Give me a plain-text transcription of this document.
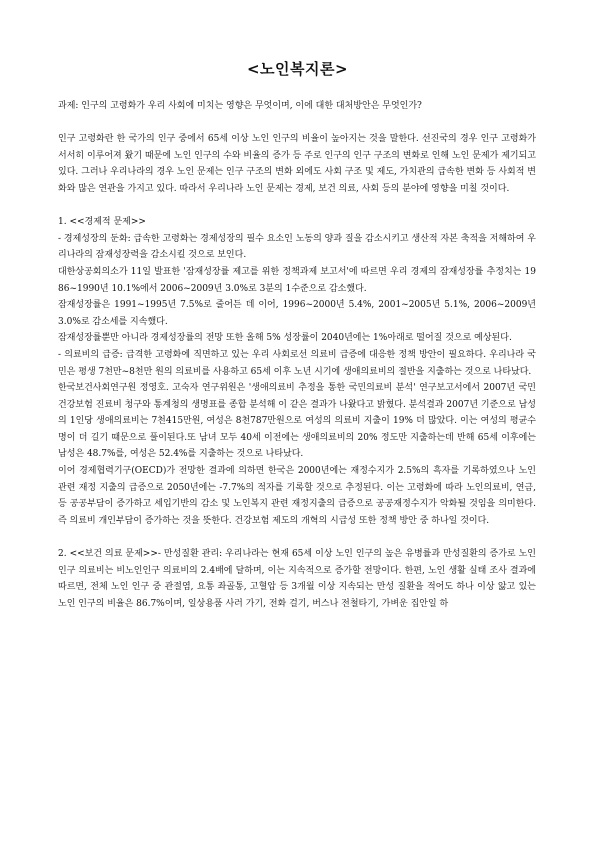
<노인복지론>

과제: 인구의 고령화가 우리 사회에 미치는 영향은 무엇이며, 이에 대한 대처방안은 무엇인가?

인구 고령화란 한 국가의 인구 중에서 65세 이상 노인 인구의 비율이 높아지는 것을 말한다. 선진국의 경우 인구 고령화가 서서히 이루어져 왔기 때문에 노인 인구의 수와 비율의 증가 등 주로 인구의 인구 구조의 변화로 인해 노인 문제가 제기되고 있다. 그러나 우리나라의 경우 노인 문제는 인구 구조의 변화 외에도 사회 구조 및 제도, 가치관의 급속한 변화 등 사회적 변화와 많은 연관을 가지고 있다. 따라서 우리나라 노인 문제는 경제, 보건 의료, 사회 등의 분야에 영향을 미칠 것이다.

1. <<경제적 문제>>

- 경제성장의 둔화: 급속한 고령화는 경제성장의 필수 요소인 노동의 양과 질을 감소시키고 생산적 자본 축적을 저해하여 우리나라의 잠재성장력을 감소시킬 것으로 보인다.

대한상공회의소가 11일 발표한 '잠재성장률 제고를 위한 정책과제 보고서'에 따르면 우리 경제의 잠재성장률 추정치는 1986~1990년 10.1%에서 2006~2009년 3.0%로 3분의 1수준으로 감소했다.

잠재성장률은 1991~1995년 7.5%로 줄어든 데 이어, 1996~2000년 5.4%, 2001~2005년 5.1%, 2006~2009년 3.0%로 감소세를 지속했다.

잠재성장률뿐만 아니라 경제성장률의 전망 또한 올해 5% 성장률이 2040년에는 1%아래로 떨어질 것으로 예상된다.

- 의료비의 급증: 급격한 고령화에 직면하고 있는 우리 사회로선 의료비 급증에 대응한 정책 방안이 필요하다. 우리나라 국민은 평생 7천만~8천만 원의 의료비를 사용하고 65세 이후 노년 시기에 생애의료비의 절반을 지출하는 것으로 나타났다.

한국보건사회연구원 정영호. 고숙자 연구위원은 '생애의료비 추정을 통한 국민의료비 분석' 연구보고서에서 2007년 국민건강보험 진료비 청구와 통계청의 생명표를 종합 분석해 이 같은 결과가 나왔다고 밝혔다. 분석결과 2007년 기준으로 남성의 1인당 생애의료비는 7천415만원, 여성은 8천787만원으로 여성의 의료비 지출이 19% 더 많았다. 이는 여성의 평균수명이 더 길기 때문으로 풀이된다.또 남녀 모두 40세 이전에는 생애의료비의 20% 정도만 지출하는데 반해 65세 이후에는 남성은 48.7%를, 여성은 52.4%를 지출하는 것으로 나타났다.

이어 경제협력기구(OECD)가 전망한 결과에 의하면 한국은 2000년에는 재정수지가 2.5%의 흑자를 기록하였으나 노인 관련 재정 지출의 급증으로 2050년에는 -7.7%의 적자를 기록할 것으로 추정된다. 이는 고령화에 따라 노인의료비, 연금, 등 공공부담이 증가하고 세입기반의 감소 및 노인복지 관련 재정지출의 급증으로 공공재정수지가 악화될 것임을 의미한다. 즉 의료비 개인부담이 증가하는 것을 뜻한다. 건강보험 제도의 개혁의 시급성 또한 정책 방안 중 하나일 것이다.

2. <<보건 의료 문제>>- 만성질환 관리: 우리나라는 현재 65세 이상 노인 인구의 높은 유병률과 만성질환의 증가로 노인인구 의료비는 비노인인구 의료비의 2.4배에 달하며, 이는 지속적으로 증가할 전망이다. 한편, 노인 생활 실태 조사 결과에 따르면, 전체 노인 인구 중 관절염, 요통 좌골통, 고혈압 등 3개월 이상 지속되는 만성 질환을 적어도 하나 이상 앓고 있는 노인 인구의 비율은 86.7%이며, 일상용품 사러 가기, 전화 걸기, 버스나 전철타기, 가벼운 집안일 하
